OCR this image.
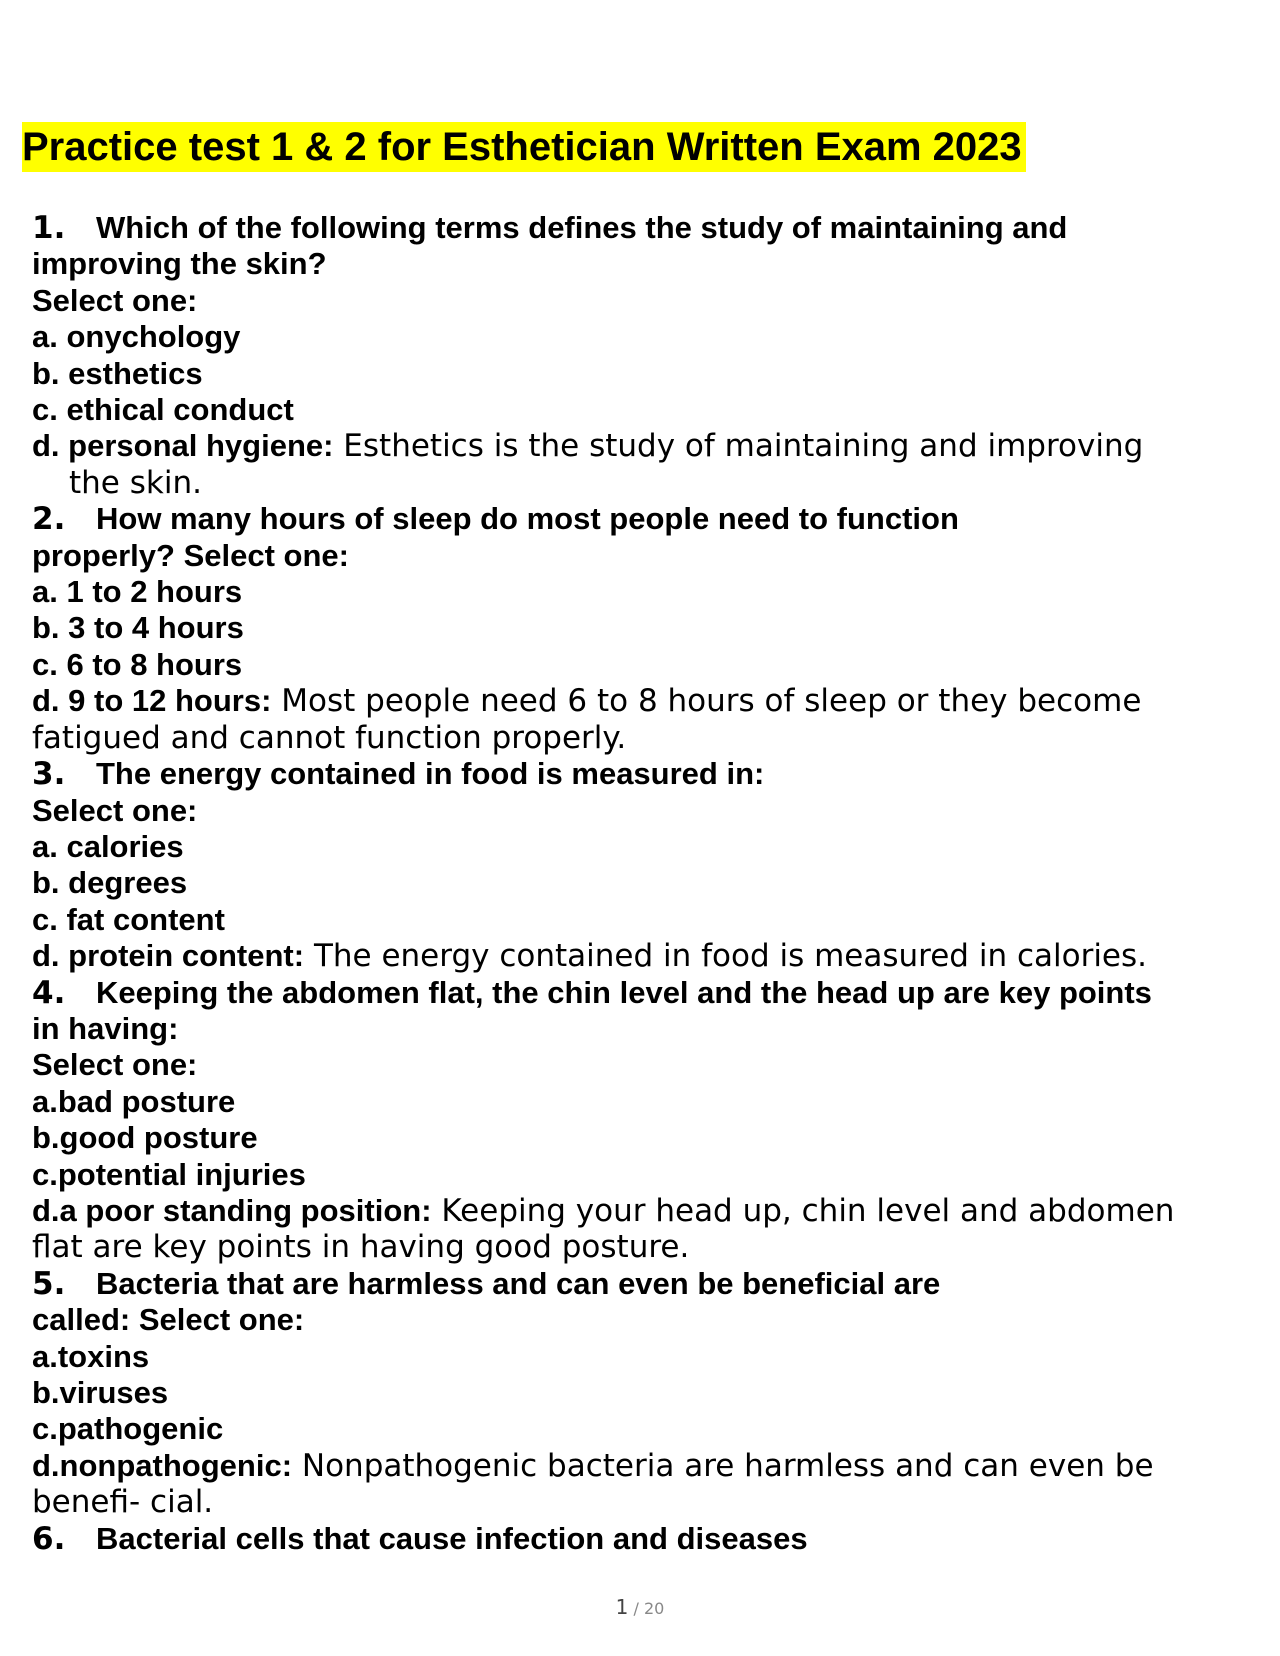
Practice test 1 & 2 for Esthetician Written Exam 2023
1. Which of the following terms defines the study of maintaining and
improving the skin?
Select one:
a. onychology
b. esthetics
c. ethical conduct
d. personal hygiene: Esthetics is the study of maintaining and improving
the skin.
2. How many hours of sleep do most people need to function
properly? Select one:
a. 1 to 2 hours
b. 3 to 4 hours
c. 6 to 8 hours
d. 9 to 12 hours: Most people need 6 to 8 hours of sleep or they become
fatigued and cannot function properly.
3. The energy contained in food is measured in:
Select one:
a. calories
b. degrees
c. fat content
d. protein content: The energy contained in food is measured in calories.
4. Keeping the abdomen flat, the chin level and the head up are key points
in having:
Select one:
a.bad posture
b.good posture
c.potential injuries
d.a poor standing position: Keeping your head up, chin level and abdomen
flat are key points in having good posture.
5. Bacteria that are harmless and can even be beneficial are
called: Select one:
a.toxins
b.viruses
c.pathogenic
d.nonpathogenic: Nonpathogenic bacteria are harmless and can even be
benefi- cial.
6. Bacterial cells that cause infection and diseases
1 / 20
